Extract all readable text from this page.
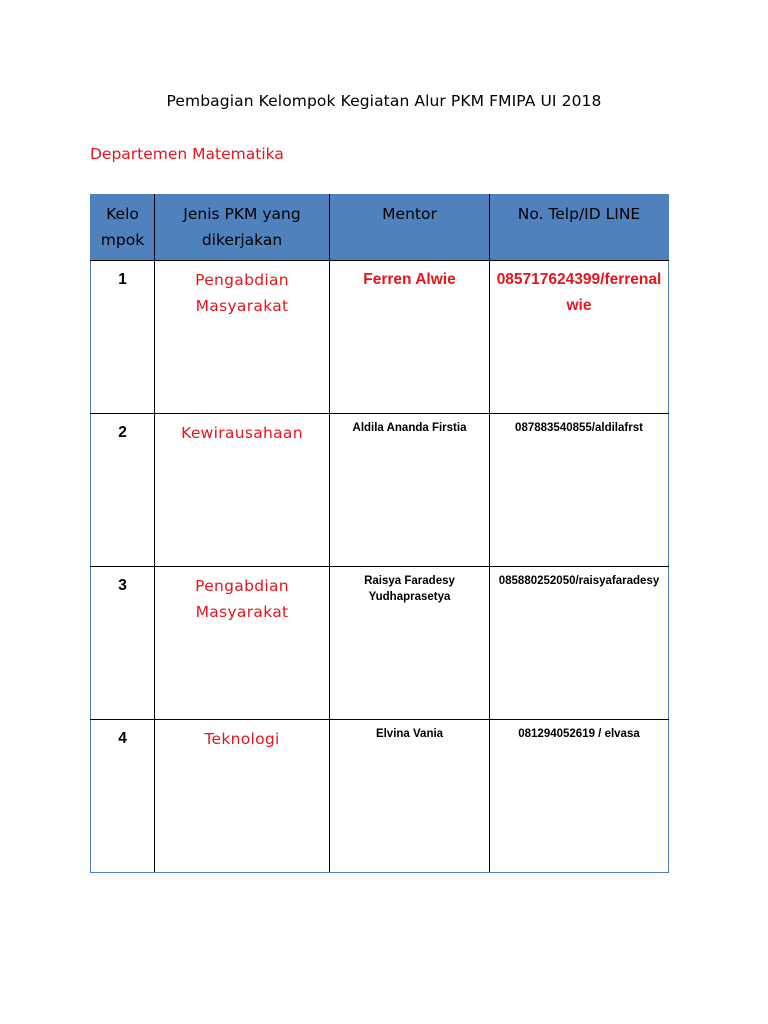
Pembagian Kelompok Kegiatan Alur PKM FMIPA UI 2018
Departemen Matematika
Kelo mpok	Jenis PKM yang dikerjakan	Mentor	No. Telp/ID LINE
1	Pengabdian Masyarakat	Ferren Alwie	085717624399/ferrenalwie
2	Kewirausahaan	Aldila Ananda Firstia	087883540855/aldilafrst
3	Pengabdian Masyarakat	Raisya Faradesy Yudhaprasetya	085880252050/raisyafaradesy
4	Teknologi	Elvina Vania	081294052619 / elvasa
